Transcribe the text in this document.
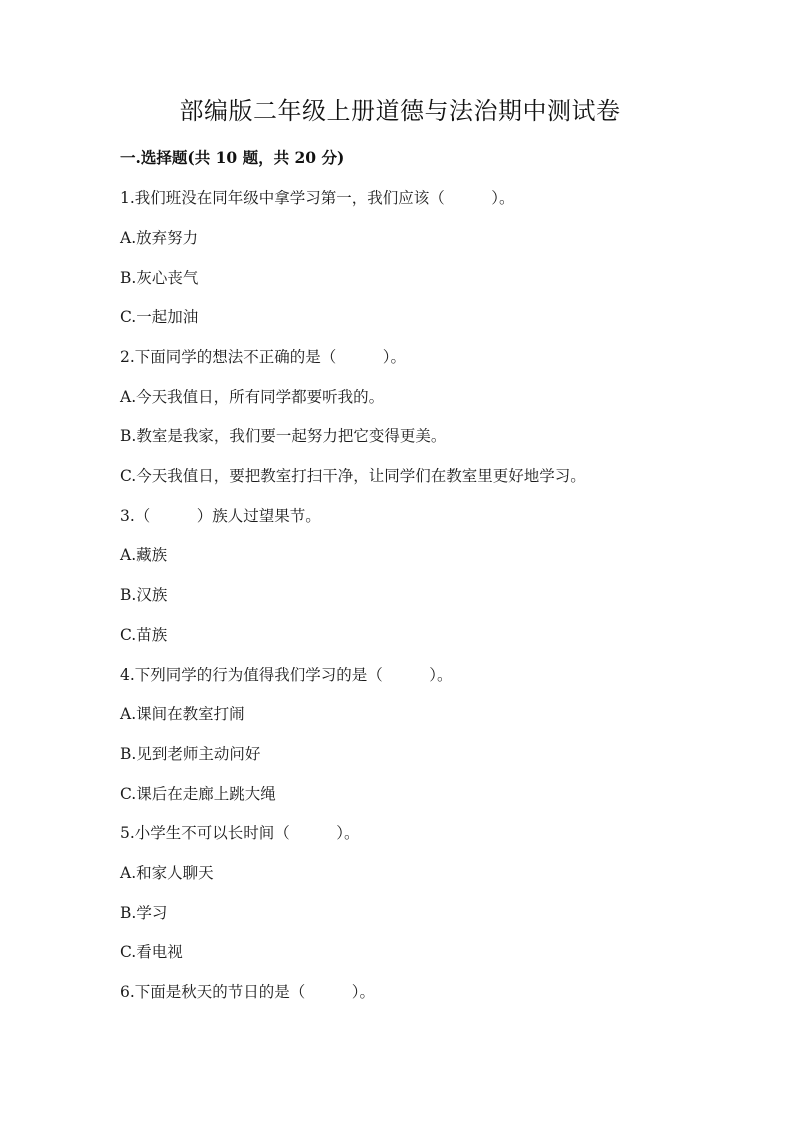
部编版二年级上册道德与法治期中测试卷
一.选择题(共 10 题，共 20 分)
1.我们班没在同年级中拿学习第一，我们应该（　　　）。
A.放弃努力
B.灰心丧气
C.一起加油
2.下面同学的想法不正确的是（　　　）。
A.今天我值日，所有同学都要听我的。
B.教室是我家，我们要一起努力把它变得更美。
C.今天我值日，要把教室打扫干净，让同学们在教室里更好地学习。
3.（　　　）族人过望果节。
A.藏族
B.汉族
C.苗族
4.下列同学的行为值得我们学习的是（　　　）。
A.课间在教室打闹
B.见到老师主动问好
C.课后在走廊上跳大绳
5.小学生不可以长时间（　　　）。
A.和家人聊天
B.学习
C.看电视
6.下面是秋天的节日的是（　　　）。
